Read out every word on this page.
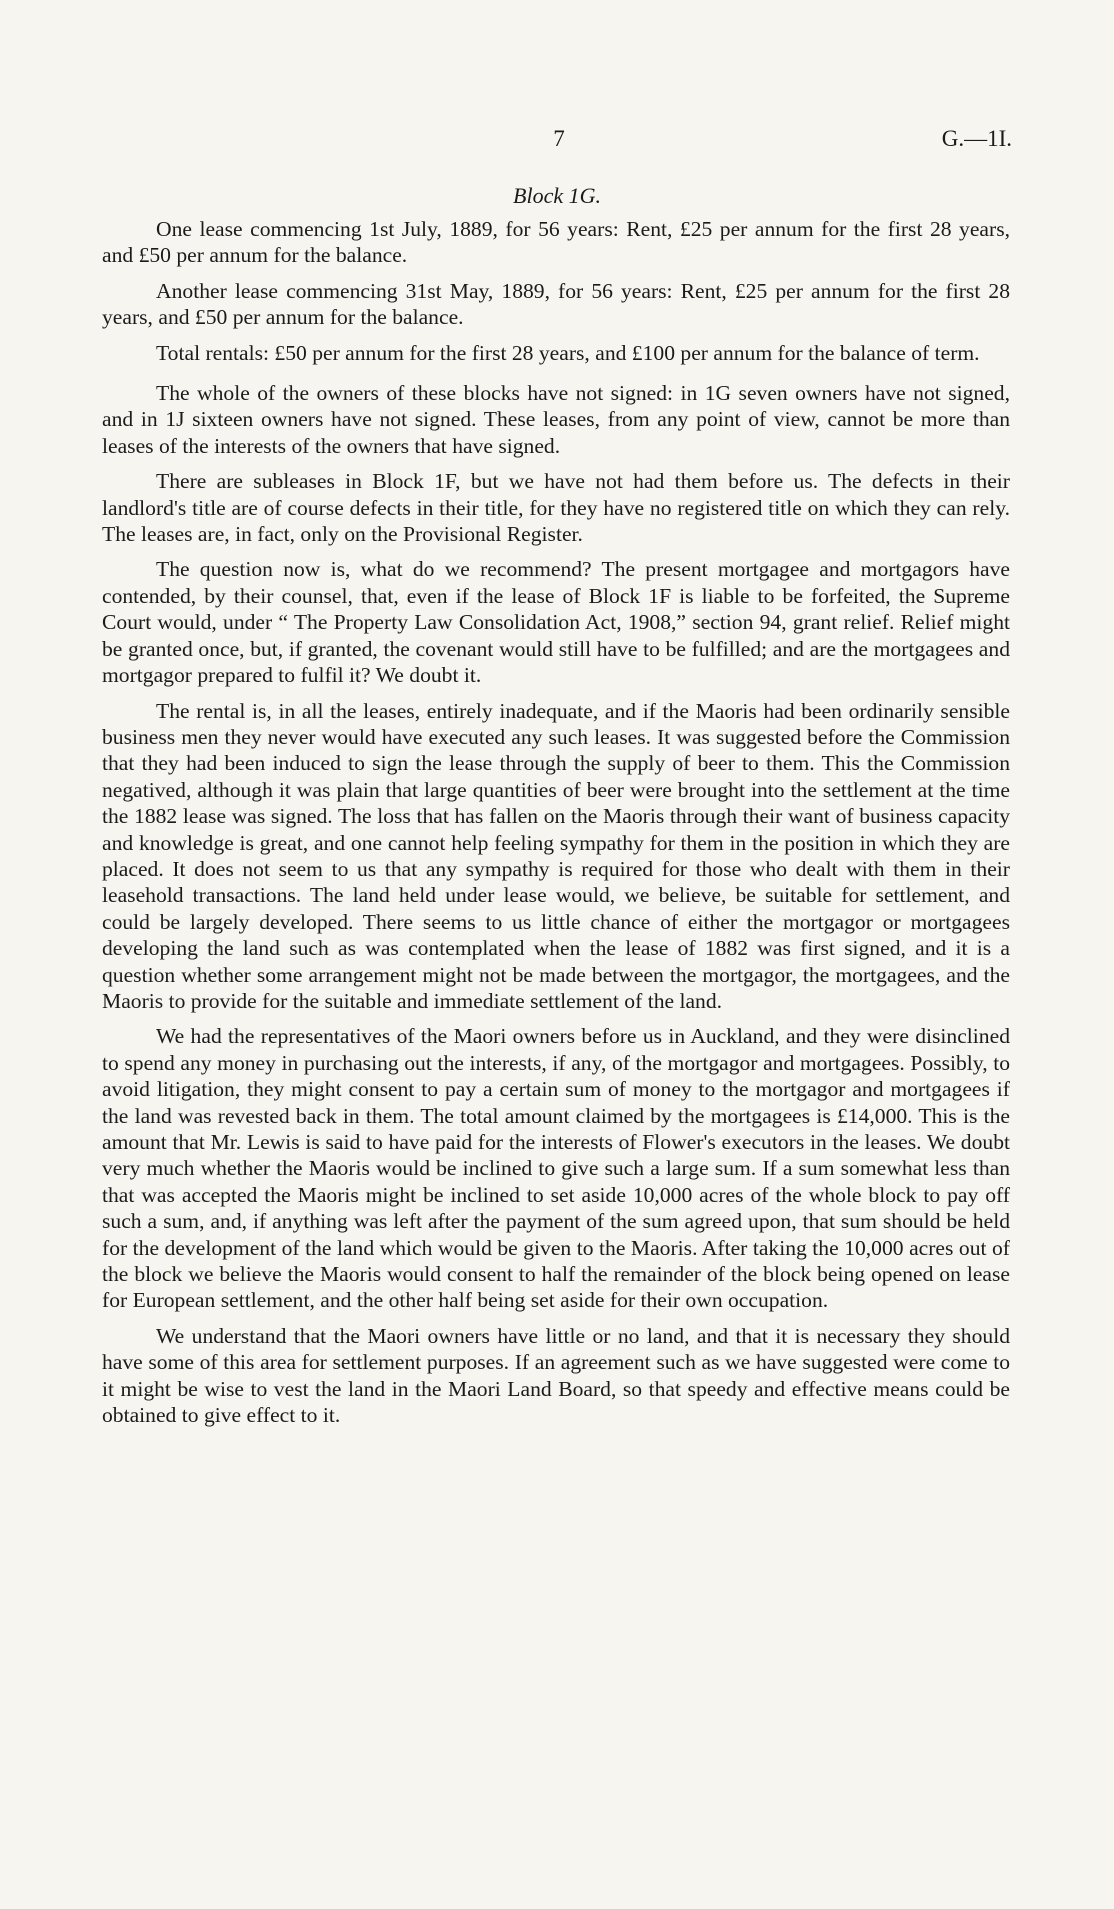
7	G.—1I.
Block 1G.

One lease commencing 1st July, 1889, for 56 years: Rent, £25 per annum for the first 28 years, and £50 per annum for the balance.

Another lease commencing 31st May, 1889, for 56 years: Rent, £25 per annum for the first 28 years, and £50 per annum for the balance.

Total rentals: £50 per annum for the first 28 years, and £100 per annum for the balance of term.

The whole of the owners of these blocks have not signed: in 1G seven owners have not signed, and in 1J sixteen owners have not signed. These leases, from any point of view, cannot be more than leases of the interests of the owners that have signed.

There are subleases in Block 1F, but we have not had them before us. The defects in their landlord's title are of course defects in their title, for they have no registered title on which they can rely. The leases are, in fact, only on the Provisional Register.

The question now is, what do we recommend? The present mortgagee and mortgagors have contended, by their counsel, that, even if the lease of Block 1F is liable to be forfeited, the Supreme Court would, under “ The Property Law Consolidation Act, 1908,” section 94, grant relief. Relief might be granted once, but, if granted, the covenant would still have to be fulfilled; and are the mortgagees and mortgagor prepared to fulfil it? We doubt it.

The rental is, in all the leases, entirely inadequate, and if the Maoris had been ordinarily sensible business men they never would have executed any such leases. It was suggested before the Commission that they had been induced to sign the lease through the supply of beer to them. This the Commission negatived, although it was plain that large quantities of beer were brought into the settlement at the time the 1882 lease was signed. The loss that has fallen on the Maoris through their want of business capacity and knowledge is great, and one cannot help feeling sympathy for them in the position in which they are placed. It does not seem to us that any sympathy is required for those who dealt with them in their leasehold transactions. The land held under lease would, we believe, be suitable for settlement, and could be largely developed. There seems to us little chance of either the mortgagor or mortgagees developing the land such as was contemplated when the lease of 1882 was first signed, and it is a question whether some arrangement might not be made between the mortgagor, the mortgagees, and the Maoris to provide for the suitable and immediate settlement of the land.

We had the representatives of the Maori owners before us in Auckland, and they were disinclined to spend any money in purchasing out the interests, if any, of the mortgagor and mortgagees. Possibly, to avoid litigation, they might consent to pay a certain sum of money to the mortgagor and mortgagees if the land was revested back in them. The total amount claimed by the mortgagees is £14,000. This is the amount that Mr. Lewis is said to have paid for the interests of Flower's executors in the leases. We doubt very much whether the Maoris would be inclined to give such a large sum. If a sum somewhat less than that was accepted the Maoris might be inclined to set aside 10,000 acres of the whole block to pay off such a sum, and, if anything was left after the payment of the sum agreed upon, that sum should be held for the development of the land which would be given to the Maoris. After taking the 10,000 acres out of the block we believe the Maoris would consent to half the remainder of the block being opened on lease for European settlement, and the other half being set aside for their own occupation.

We understand that the Maori owners have little or no land, and that it is necessary they should have some of this area for settlement purposes. If an agreement such as we have suggested were come to it might be wise to vest the land in the Maori Land Board, so that speedy and effective means could be obtained to give effect to it.
